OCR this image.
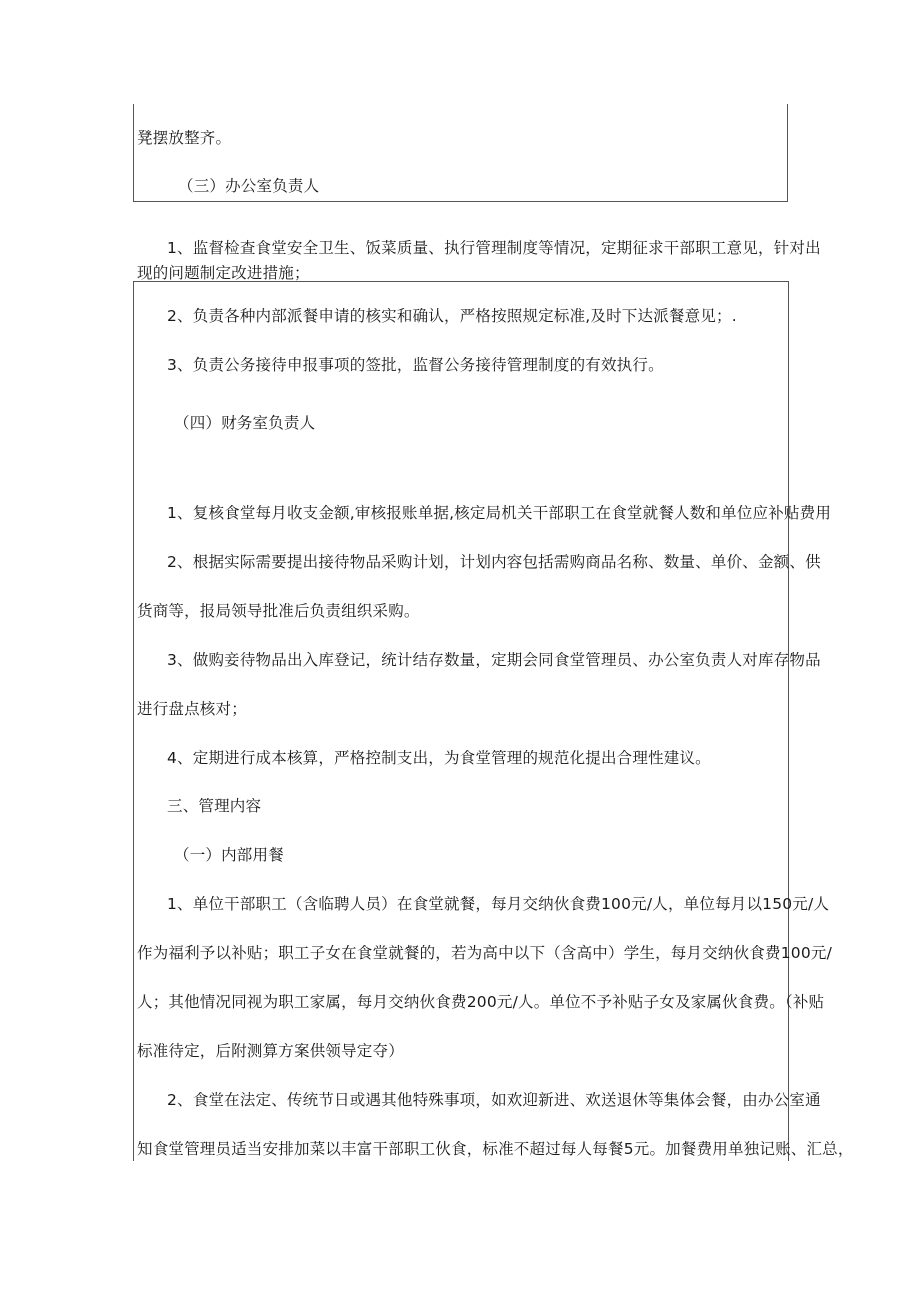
凳摆放整齐。
（三）办公室负责人
1、监督检查食堂安全卫生、饭菜质量、执行管理制度等情况，定期征求干部职工意见，针对出
现的问题制定改进措施；
2、负责各种内部派餐申请的核实和确认，严格按照规定标准,及时下达派餐意见；.
3、负责公务接待申报事项的签批，监督公务接待管理制度的有效执行。
（四）财务室负责人
1、复核食堂每月收支金额,审核报账单据,核定局机关干部职工在食堂就餐人数和单位应补贴费用
2、根据实际需要提出接待物品采购计划，计划内容包括需购商品名称、数量、单价、金额、供
货商等，报局领导批准后负责组织采购。
3、做购妾待物品出入库登记，统计结存数量，定期会同食堂管理员、办公室负责人对库存物品
进行盘点核对；
4、定期进行成本核算，严格控制支出，为食堂管理的规范化提出合理性建议。
三、管理内容
（一）内部用餐
1、单位干部职工（含临聘人员）在食堂就餐，每月交纳伙食费100元/人，单位每月以150元/人
作为福利予以补贴；职工子女在食堂就餐的，若为高中以下（含高中）学生，每月交纳伙食费100元/
人；其他情况同视为职工家属，每月交纳伙食费200元/人。单位不予补贴子女及家属伙食费。（补贴
标准待定，后附测算方案供领导定夺）
2、食堂在法定、传统节日或遇其他特殊事项，如欢迎新进、欢送退休等集体会餐，由办公室通
知食堂管理员适当安排加菜以丰富干部职工伙食，标准不超过每人每餐5元。加餐费用单独记账、汇总，
